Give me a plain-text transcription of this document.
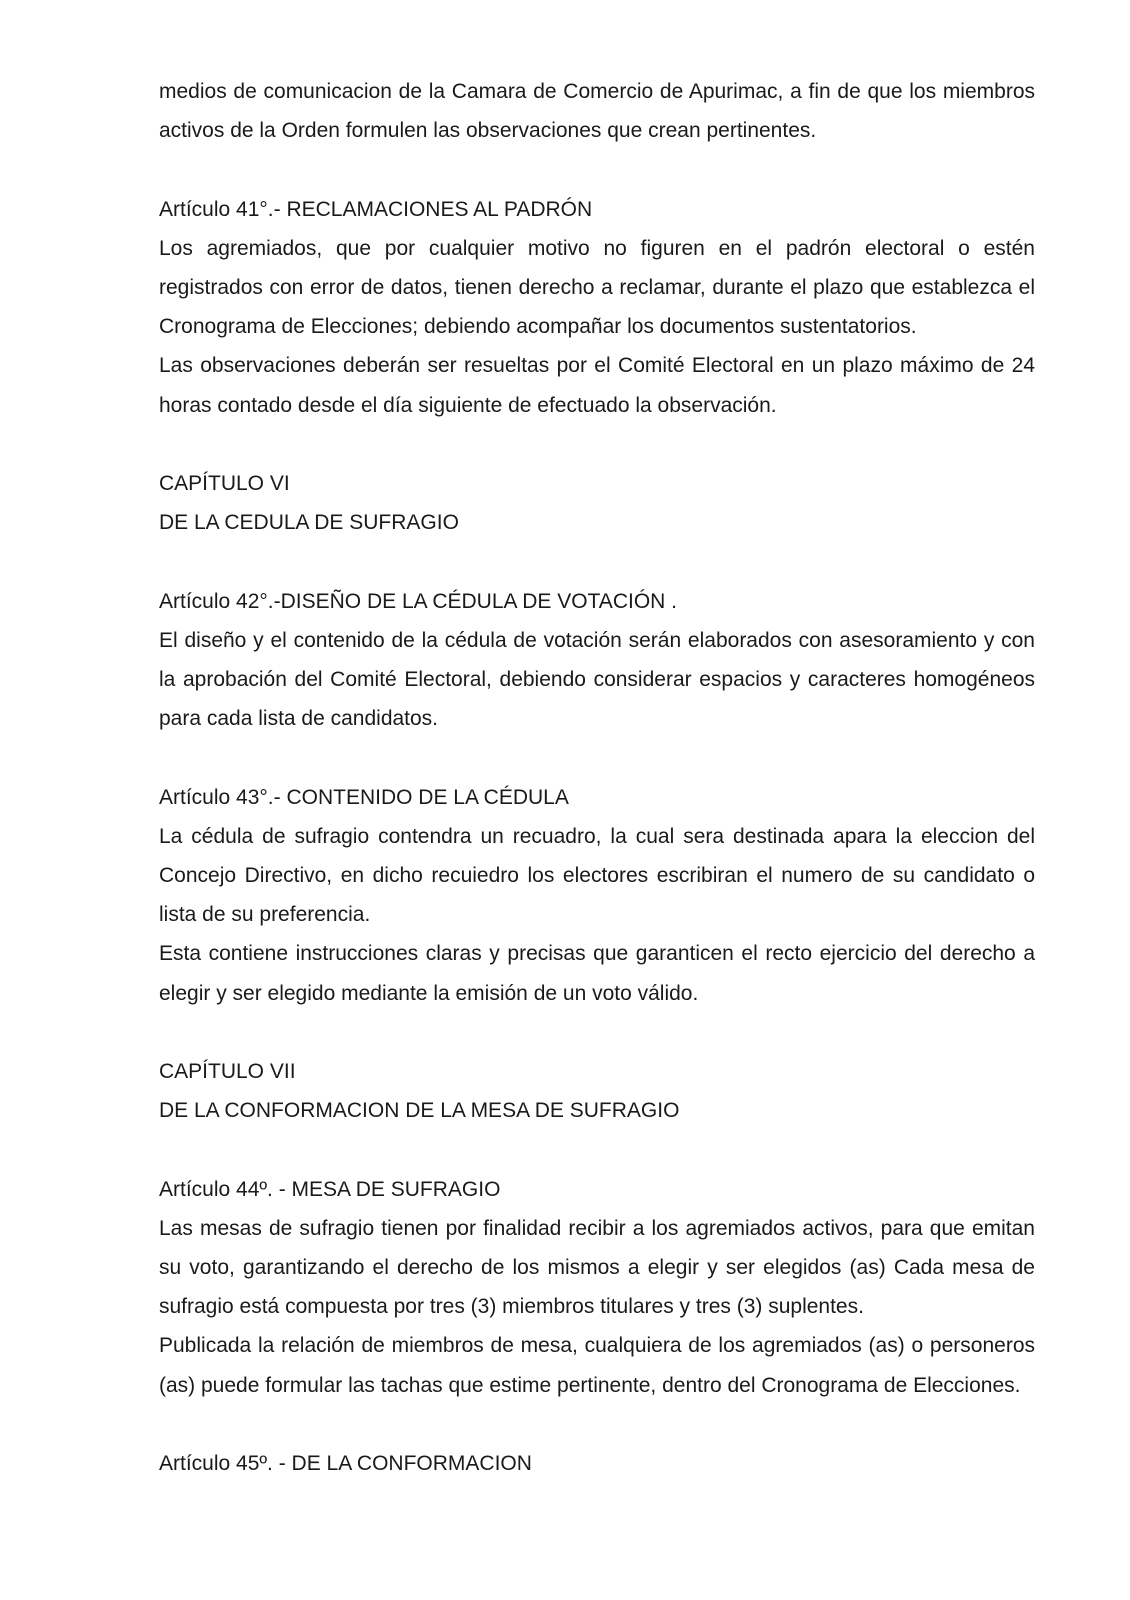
medios de comunicacion de la Camara de Comercio de Apurimac, a fin de que los miembros activos de la Orden formulen las observaciones que crean pertinentes.

Artículo 41°.- RECLAMACIONES AL PADRÓN

Los agremiados, que por cualquier motivo no figuren en el padrón electoral o estén registrados con error de datos, tienen derecho a reclamar, durante el plazo que establezca el Cronograma de Elecciones; debiendo acompañar los documentos sustentatorios.

Las observaciones deberán ser resueltas por el Comité Electoral en un plazo máximo de 24 horas contado desde el día siguiente de efectuado la observación.

CAPÍTULO VI

DE LA CEDULA DE SUFRAGIO

Artículo 42°.-DISEÑO DE LA CÉDULA DE VOTACIÓN .

El diseño y el contenido de la cédula de votación serán elaborados con asesoramiento y con la aprobación del Comité Electoral, debiendo considerar espacios y caracteres homogéneos para cada lista de candidatos.

Artículo 43°.- CONTENIDO DE LA CÉDULA

La cédula de sufragio contendra un recuadro, la cual sera destinada apara la eleccion del Concejo Directivo, en dicho recuiedro los electores escribiran el numero de su candidato o lista de su preferencia.

Esta contiene instrucciones claras y precisas que garanticen el recto ejercicio del derecho a elegir y ser elegido mediante la emisión de un voto válido.

CAPÍTULO VII

DE LA CONFORMACION DE LA MESA DE SUFRAGIO

Artículo 44º. - MESA DE SUFRAGIO

Las mesas de sufragio tienen por finalidad recibir a los agremiados activos, para que emitan su voto, garantizando el derecho de los mismos a elegir y ser elegidos (as) Cada mesa de sufragio está compuesta por tres (3) miembros titulares y tres (3) suplentes.

Publicada la relación de miembros de mesa, cualquiera de los agremiados (as) o personeros (as) puede formular las tachas que estime pertinente, dentro del Cronograma de Elecciones.

Artículo 45º. - DE LA CONFORMACION
